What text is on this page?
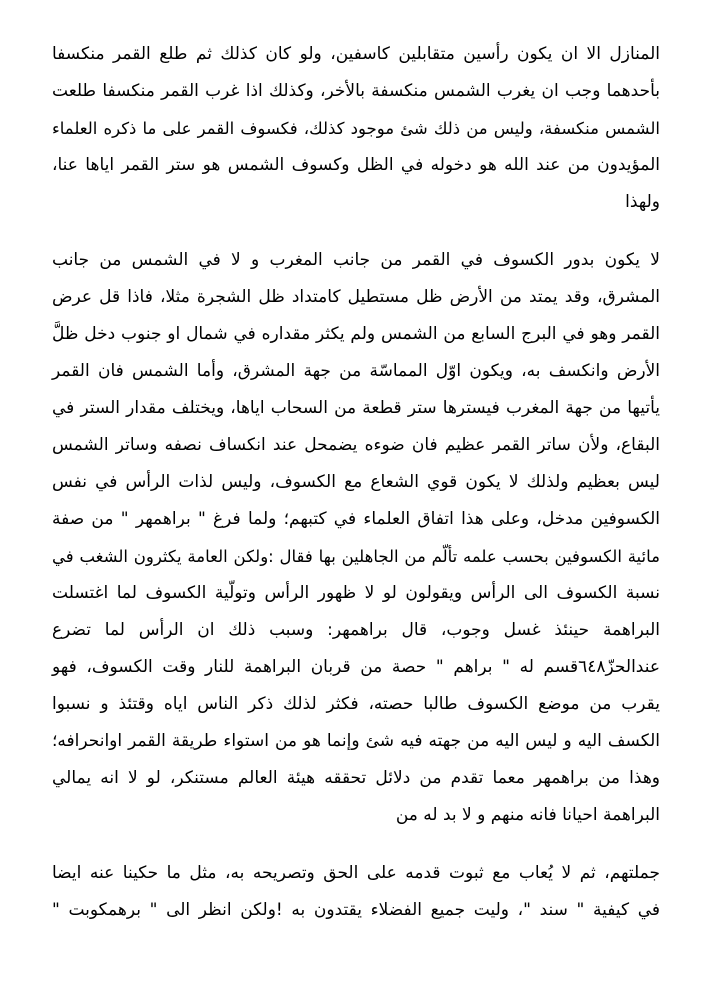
المنازل الا ان يكون رأسين متقابلين كاسفين، ولو كان كذلك ثم طلع القمر منكسفا
بأحدهما وجب ان يغرب الشمس منكسفة بالأخر، وكذلك اذا غرب القمر منكسفا طلعت
الشمس منكسفة، وليس من ذلك شئ موجود كذلك، فكسوف القمر على ما ذكره العلماء
المؤيدون من عند الله هو دخوله في الظل وكسوف الشمس هو ستر القمر اياها عنا،
ولهذا
لا يكون بدور الكسوف في القمر من جانب المغرب و لا في الشمس من جانب
المشرق، وقد يمتد من الأرض ظل مستطيل كامتداد ظل الشجرة مثلا، فاذا قل عرض
القمر وهو في البرج السابع من الشمس ولم يكثر مقداره في شمال او جنوب دخل ظلَّ
الأرض وانكسف به، ويكون اوّل المماسّة من جهة المشرق، وأما الشمس فان القمر
يأتيها من جهة المغرب فيسترها ستر قطعة من السحاب اياها، ويختلف مقدار الستر في
البقاع، ولأن ساتر القمر عظيم فان ضوءه يضمحل عند انكساف نصفه وساتر الشمس
ليس بعظيم ولذلك لا يكون قوي الشعاع مع الكسوف، وليس لذات الرأس في نفس
الكسوفين مدخل، وعلى هذا اتفاق العلماء في كتبهم؛ ولما فرغ " براهمهر " من صفة
مائية الكسوفين بحسب علمه تألّم من الجاهلين بها فقال :ولكن العامة يكثرون الشغب في
نسبة الكسوف الى الرأس ويقولون لو لا ظهور الرأس وتولّية الكسوف لما اغتسلت
البراهمة حينئذ غسل وجوب، قال براهمهر: وسبب ذلك ان الرأس لما تضرع
عندالحزّ٦٤٨قسم له " براهم " حصة من قربان البراهمة للنار وقت الكسوف، فهو
يقرب من موضع الكسوف طالبا حصته، فكثر لذلك ذكر الناس اياه وقتئذ و نسبوا
الكسف اليه و ليس اليه من جهته فيه شئ وإنما هو من استواء طريقة القمر اوانحرافه؛
وهذا من براهمهر معما تقدم من دلائل تحققه هيئة العالم مستنكر، لو لا انه يمالي
البراهمة احيانا فانه منهم و لا بد له من
جملتهم، ثم لا يُعاب مع ثبوت قدمه على الحق وتصريحه به، مثل ما حكينا عنه ايضا
في كيفية " سند "، وليت جميع الفضلاء يقتدون به !ولكن انظر الى " برهمكوبت "
